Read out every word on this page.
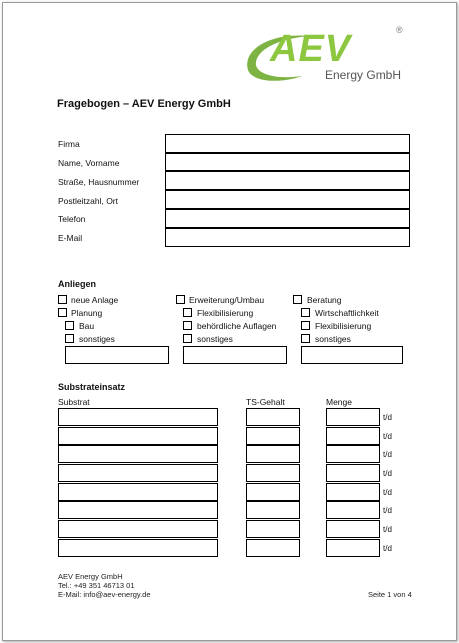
AEV	®
Energy GmbH
Fragebogen – AEV Energy GmbH
Firma
Name, Vorname
Straße, Hausnummer
Postleitzahl, Ort
Telefon
E-Mail
Anliegen
neue Anlage
Planung
Bau
sonstiges
Erweiterung/Umbau
Flexibilisierung
behördliche Auflagen
sonstiges
Beratung
Wirtschaftlichkeit
Flexibilisierung
sonstiges
Substrateinsatz
Substrat	TS-Gehalt	Menge
t/d
t/d
t/d
t/d
t/d
t/d
t/d
t/d
AEV Energy GmbH
Tel.: +49 351 46713 01
E-Mail: info@aev-energy.de	Seite 1 von 4
